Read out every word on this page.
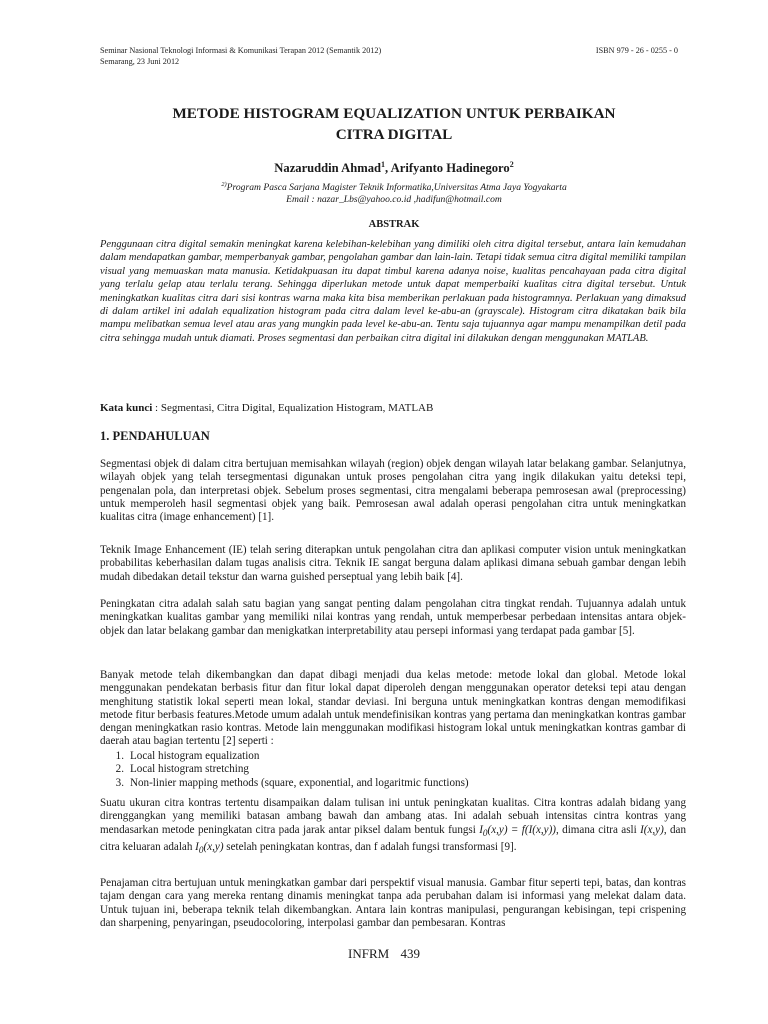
Seminar Nasional Teknologi Informasi & Komunikasi Terapan 2012 (Semantik 2012)
Semarang, 23 Juni 2012
ISBN 979 - 26 - 0255 - 0
METODE HISTOGRAM EQUALIZATION UNTUK PERBAIKAN
CITRA DIGITAL
Nazaruddin Ahmad$^1$, Arifyanto Hadinegoro$^2$
$^{2)}$Program Pasca Sarjana Magister Teknik Informatika,Universitas Atma Jaya Yogyakarta
Email : nazar_Lbs@yahoo.co.id ,hadifun@hotmail.com
ABSTRAK

Penggunaan citra digital semakin meningkat karena kelebihan-kelebihan yang dimiliki oleh citra digital tersebut, antara lain kemudahan dalam mendapatkan gambar, memperbanyak gambar, pengolahan gambar dan lain-lain. Tetapi tidak semua citra digital memiliki tampilan visual yang memuaskan mata manusia. Ketidakpuasan itu dapat timbul karena adanya noise, kualitas pencahayaan pada citra digital yang terlalu gelap atau terlalu terang. Sehingga diperlukan metode untuk dapat memperbaiki kualitas citra digital tersebut. Untuk meningkatkan kualitas citra dari sisi kontras warna maka kita bisa memberikan perlakuan pada histogramnya. Perlakuan yang dimaksud di dalam artikel ini adalah equalization histogram pada citra dalam level ke-abu-an (grayscale). Histogram citra dikatakan baik bila mampu melibatkan semua level atau aras yang mungkin pada level ke-abu-an. Tentu saja tujuannya agar mampu menampilkan detil pada citra sehingga mudah untuk diamati. Proses segmentasi dan perbaikan citra digital ini dilakukan dengan menggunakan MATLAB.

Kata kunci : Segmentasi, Citra Digital, Equalization Histogram, MATLAB

1. PENDAHULUAN

Segmentasi objek di dalam citra bertujuan memisahkan wilayah (region) objek dengan wilayah latar belakang gambar. Selanjutnya, wilayah objek yang telah tersegmentasi digunakan untuk proses pengolahan citra yang ingik dilakukan yaitu deteksi tepi, pengenalan pola, dan interpretasi objek. Sebelum proses segmentasi, citra mengalami beberapa pemrosesan awal (preprocessing) untuk memperoleh hasil segmentasi objek yang baik. Pemrosesan awal adalah operasi pengolahan citra untuk meningkatkan kualitas citra (image enhancement) [1].

Teknik Image Enhancement (IE) telah sering diterapkan untuk pengolahan citra dan aplikasi computer vision untuk meningkatkan probabilitas keberhasilan dalam tugas analisis citra. Teknik IE sangat berguna dalam aplikasi dimana sebuah gambar dengan lebih mudah dibedakan detail tekstur dan warna guished perseptual yang lebih baik [4].

Peningkatan citra adalah salah satu bagian yang sangat penting dalam pengolahan citra tingkat rendah. Tujuannya adalah untuk meningkatkan kualitas gambar yang memiliki nilai kontras yang rendah, untuk memperbesar perbedaan intensitas antara objek-objek dan latar belakang gambar dan menigkatkan interpretability atau persepi informasi yang terdapat pada gambar [5].

Banyak metode telah dikembangkan dan dapat dibagi menjadi dua kelas metode: metode lokal dan global. Metode lokal menggunakan pendekatan berbasis fitur dan fitur lokal dapat diperoleh dengan menggunakan operator deteksi tepi atau dengan menghitung statistik lokal seperti mean lokal, standar deviasi. Ini berguna untuk meningkatkan kontras dengan memodifikasi metode fitur berbasis features.Metode umum adalah untuk mendefinisikan kontras yang pertama dan meningkatkan kontras gambar dengan meningkatkan rasio kontras. Metode lain menggunakan modifikasi histogram lokal untuk meningkatkan kontras gambar di daerah atau bagian tertentu [2] seperti :

1. Local histogram equalization
2. Local histogram stretching
3. Non-linier mapping methods (square, exponential, and logaritmic functions)

Suatu ukuran citra kontras tertentu disampaikan dalam tulisan ini untuk peningkatan kualitas. Citra kontras adalah bidang yang direnggangkan yang memiliki batasan ambang bawah dan ambang atas. Ini adalah sebuah intensitas cintra kontras yang mendasarkan metode peningkatan citra pada jarak antar piksel dalam bentuk fungsi $I_0(x,y) = f(I(x,y))$, dimana citra asli I(x,y), dan citra keluaran adalah $I_0(x,y)$ setelah peningkatan kontras, dan f adalah fungsi transformasi [9].

Penajaman citra bertujuan untuk meningkatkan gambar dari perspektif visual manusia. Gambar fitur seperti tepi, batas, dan kontras tajam dengan cara yang mereka rentang dinamis meningkat tanpa ada perubahan dalam isi informasi yang melekat dalam data. Untuk tujuan ini, beberapa teknik telah dikembangkan. Antara lain kontras manipulasi, pengurangan kebisingan, tepi crispening dan sharpening, penyaringan, pseudocoloring, interpolasi gambar dan pembesaran. Kontras

INFRM 439
